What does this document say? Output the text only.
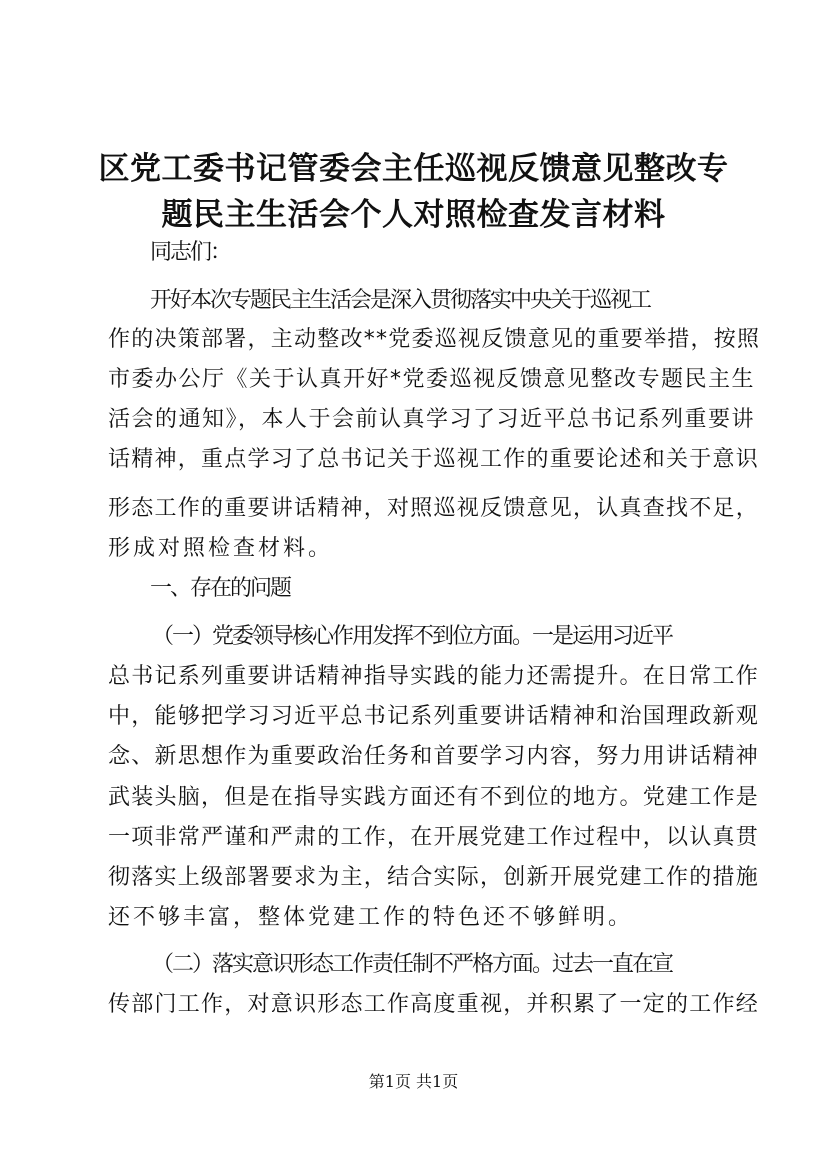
区党工委书记管委会主任巡视反馈意见整改专
题民主生活会个人对照检查发言材料
同志们：
开好本次专题民主生活会是深入贯彻落实中央关于巡视工
作的决策部署，主动整改**党委巡视反馈意见的重要举措，按照
市委办公厅《关于认真开好*党委巡视反馈意见整改专题民主生
活会的通知》，本人于会前认真学习了习近平总书记系列重要讲
话精神，重点学习了总书记关于巡视工作的重要论述和关于意识
形态工作的重要讲话精神，对照巡视反馈意见，认真查找不足，
形成对照检查材料。
一、存在的问题
（一）党委领导核心作用发挥不到位方面。一是运用习近平
总书记系列重要讲话精神指导实践的能力还需提升。在日常工作
中，能够把学习习近平总书记系列重要讲话精神和治国理政新观
念、新思想作为重要政治任务和首要学习内容，努力用讲话精神
武装头脑，但是在指导实践方面还有不到位的地方。党建工作是
一项非常严谨和严肃的工作，在开展党建工作过程中，以认真贯
彻落实上级部署要求为主，结合实际，创新开展党建工作的措施
还不够丰富，整体党建工作的特色还不够鲜明。
（二）落实意识形态工作责任制不严格方面。过去一直在宣
传部门工作，对意识形态工作高度重视，并积累了一定的工作经
第1页 共1页
